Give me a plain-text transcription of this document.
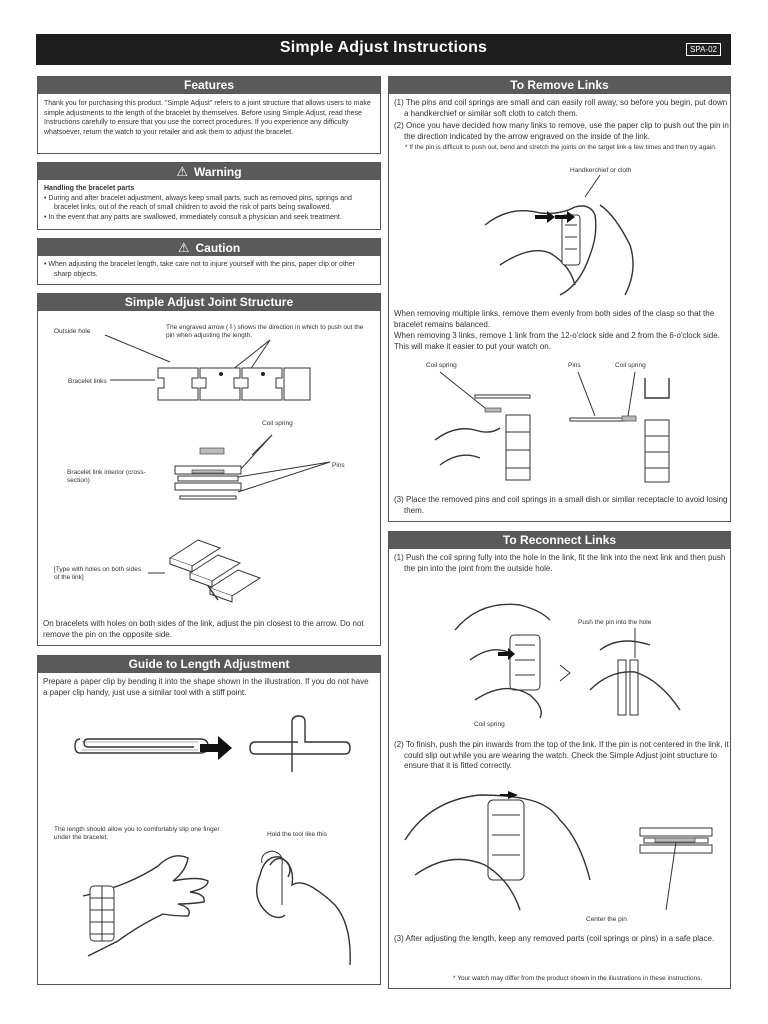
Simple Adjust Instructions	SPA-02
Features
Thank you for purchasing this product. "Simple Adjust" refers to a joint structure that allows users to make simple adjustments to the length of the bracelet by themselves. Before using Simple Adjust, read these Instructions carefully to ensure that you use the correct procedures. If you experience any difficulty whatsoever, return the watch to your retailer and ask them to adjust the bracelet.
⚠ Warning
Handling the bracelet parts
• During and after bracelet adjustment, always keep small parts, such as removed pins, springs and bracelet links, out of the reach of small children to avoid the risk of parts being swallowed.
• In the event that any parts are swallowed, immediately consult a physician and seek treatment.
⚠ Caution
• When adjusting the bracelet length, take care not to injure yourself with the pins, paper clip or other sharp objects.
Simple Adjust Joint Structure
Outside hole
The engraved arrow (⇩) shows the direction in which to push out the pin when adjusting the length.
Bracelet links
Coil spring
Pins
Bracelet link interior (cross-section)
[Type with holes on both sides of the link]
On bracelets with holes on both sides of the link, adjust the pin closest to the arrow. Do not remove the pin on the opposite side.
Guide to Length Adjustment
Prepare a paper clip by bending it into the shape shown in the illustration. If you do not have a paper clip handy, just use a similar tool with a stiff point.
The length should allow you to comfortably slip one finger under the bracelet.	Hold the tool like this
To Remove Links
(1) The pins and coil springs are small and can easily roll away, so before you begin, put down a handkerchief or similar soft cloth to catch them.
(2) Once you have decided how many links to remove, use the paper clip to push out the pin in the direction indicated by the arrow engraved on the inside of the link.
* If the pin is difficult to push out, bend and stretch the joints on the target link a few times and then try again.
Handkerchief or cloth
When removing multiple links, remove them evenly from both sides of the clasp so that the bracelet remains balanced.
When removing 3 links, remove 1 link from the 12-o'clock side and 2 from the 6-o'clock side. This will make it easier to put your watch on.
Coil spring	Pins	Coil spring
(3) Place the removed pins and coil springs in a small dish or similar receptacle to avoid losing them.
To Reconnect Links
(1) Push the coil spring fully into the hole in the link, fit the link into the next link and then push the pin into the joint from the outside hole.
Push the pin into the hole
Coil spring
(2) To finish, push the pin inwards from the top of the link. If the pin is not centered in the link, it could slip out while you are wearing the watch. Check the Simple Adjust joint structure to ensure that it is fitted correctly.
Center the pin
(3) After adjusting the length, keep any removed parts (coil springs or pins) in a safe place.
* Your watch may differ from the product shown in the illustrations in these instructions.
